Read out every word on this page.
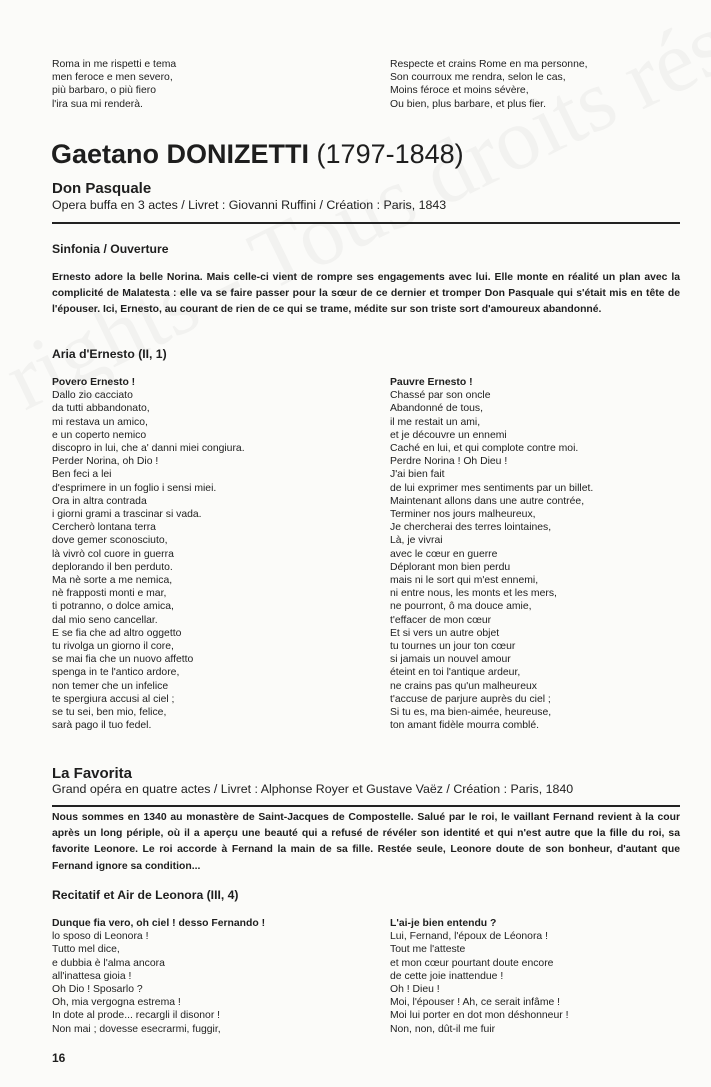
Roma in me rispetti e tema
men feroce e men severo,
più barbaro, o più fiero
l'ira sua mi renderà.
Respecte et crains Rome en ma personne,
Son courroux me rendra, selon le cas,
Moins féroce et moins sévère,
Ou bien, plus barbare, et plus fier.
Gaetano DONIZETTI (1797-1848)
Don Pasquale
Opera buffa en 3 actes / Livret : Giovanni Ruffini / Création : Paris, 1843
Sinfonia / Ouverture
Ernesto adore la belle Norina. Mais celle-ci vient de rompre ses engagements avec lui. Elle monte en réalité un plan avec la complicité de Malatesta : elle va se faire passer pour la sœur de ce dernier et tromper Don Pasquale qui s'était mis en tête de l'épouser. Ici, Ernesto, au courant de rien de ce qui se trame, médite sur son triste sort d'amoureux abandonné.
Aria d'Ernesto (II, 1)
Povero Ernesto !
Dallo zio cacciato
da tutti abbandonato,
mi restava un amico,
e un coperto nemico
discopro in lui, che a' danni miei congiura.
Perder Norina, oh Dio !
Ben feci a lei
d'esprimere in un foglio i sensi miei.
Ora in altra contrada
i giorni grami a trascinar si vada.
Cercherò lontana terra
dove gemer sconosciuto,
là vivrò col cuore in guerra
deplorando il ben perduto.
Ma nè sorte a me nemica,
nè frapposti monti e mar,
ti potranno, o dolce amica,
dal mio seno cancellar.
E se fia che ad altro oggetto
tu rivolga un giorno il core,
se mai fia che un nuovo affetto
spenga in te l'antico ardore,
non temer che un infelice
te spergiura accusi al ciel ;
se tu sei, ben mio, felice,
sarà pago il tuo fedel.
Pauvre Ernesto !
Chassé par son oncle
Abandonné de tous,
il me restait un ami,
et je découvre un ennemi
Caché en lui, et qui complote contre moi.
Perdre Norina ! Oh Dieu !
J'ai bien fait
de lui exprimer mes sentiments par un billet.
Maintenant allons dans une autre contrée,
Terminer nos jours malheureux,
Je chercherai des terres lointaines,
Là, je vivrai
avec le cœur en guerre
Déplorant mon bien perdu
mais ni le sort qui m'est ennemi,
ni entre nous, les monts et les mers,
ne pourront, ô ma douce amie,
t'effacer de mon cœur
Et si vers un autre objet
tu tournes un jour ton cœur
si jamais un nouvel amour
éteint en toi l'antique ardeur,
ne crains pas qu'un malheureux
t'accuse de parjure auprès du ciel ;
Si tu es, ma bien-aimée, heureuse,
ton amant fidèle mourra comblé.
La Favorita
Grand opéra en quatre actes / Livret : Alphonse Royer et Gustave Vaëz / Création : Paris, 1840
Nous sommes en 1340 au monastère de Saint-Jacques de Compostelle. Salué par le roi, le vaillant Fernand revient à la cour après un long périple, où il a aperçu une beauté qui a refusé de révéler son identité et qui n'est autre que la fille du roi, sa favorite Leonore. Le roi accorde à Fernand la main de sa fille. Restée seule, Leonore doute de son bonheur, d'autant que Fernand ignore sa condition...
Recitatif et Air de Leonora (III, 4)
Dunque fia vero, oh ciel ! desso Fernando !
lo sposo di Leonora !
Tutto mel dice,
e dubbia è l'alma ancora
all'inattesa gioia !
Oh Dio ! Sposarlo ?
Oh, mia vergogna estrema !
In dote al prode... recargli il disonor !
Non mai ; dovesse esecrarmi, fuggir,
L'ai-je bien entendu ?
Lui, Fernand, l'époux de Léonora !
Tout me l'atteste
et mon cœur pourtant doute encore
de cette joie inattendue !
Oh ! Dieu !
Moi, l'épouser ! Ah, ce serait infâme !
Moi lui porter en dot mon déshonneur !
Non, non, dût-il me fuir
16
